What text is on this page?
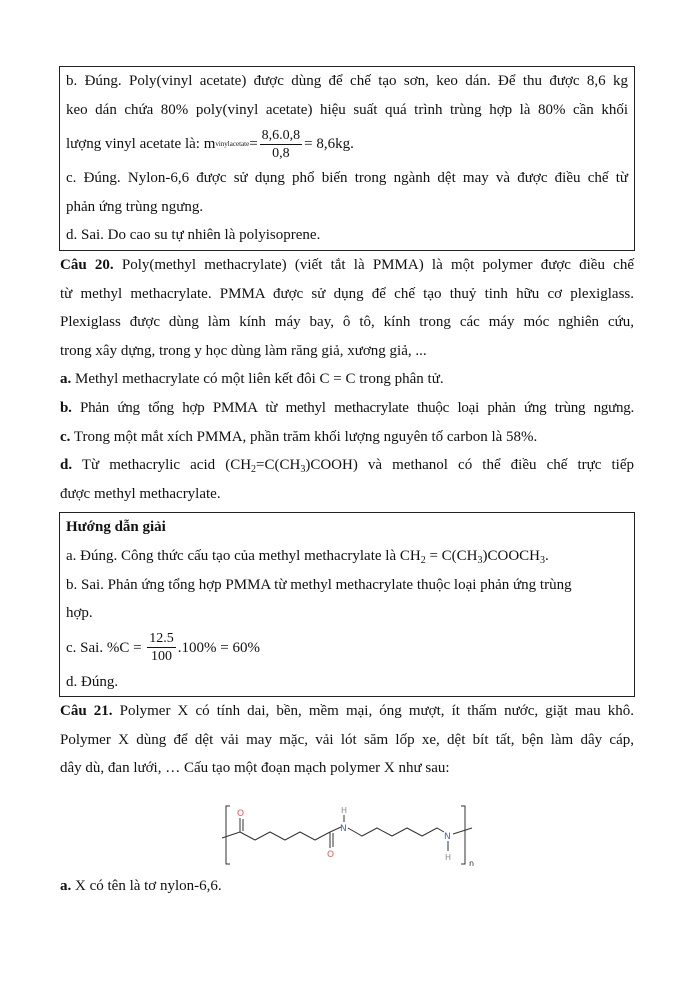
b. Đúng. Poly(vinyl acetate) được dùng để chế tạo sơn, keo dán. Để thu được 8,6 kg
keo dán chứa 80% poly(vinyl acetate) hiệu suất quá trình trùng hợp là 80% cần khối
lượng vinyl acetate là:
m vinylacetate = $\frac{8,6.0,8}{0,8} = 8,6kg$.
c. Đúng. Nylon-6,6 được sử dụng phổ biến trong ngành dệt may và được điều chế từ
phản ứng trùng ngưng.
d. Sai. Do cao su tự nhiên là polyisoprene.
Câu 20. Poly(methyl methacrylate) (viết tắt là PMMA) là một polymer được điều chế
từ methyl methacrylate. PMMA được sử dụng để chế tạo thuỷ tinh hữu cơ plexiglass.
Plexiglass được dùng làm kính máy bay, ô tô, kính trong các máy móc nghiên cứu,
trong xây dựng, trong y học dùng làm răng giả, xương giả, ...
a. Methyl methacrylate có một liên kết đôi C = C trong phân tử.
b. Phản ứng tổng hợp PMMA từ methyl methacrylate thuộc loại phản ứng trùng ngưng.
c. Trong một mắt xích PMMA, phần trăm khối lượng nguyên tố carbon là 58%.
d. Từ methacrylic acid $(CH_2=C(CH_3)COOH)$ và methanol có thể điều chế trực tiếp
được methyl methacrylate.
Hướng dẫn giải
a. Đúng. Công thức cấu tạo của methyl methacrylate là $CH_2$ = $C(CH_3)COOCH_3$.
b. Sai. Phản ứng tổng hợp PMMA từ methyl methacrylate thuộc loại phản ứng trùng
hợp.
c. Sai. %C =
$\frac{12.5}{100} .100\% = 60\%$
d. Đúng.
Câu 21. Polymer X có tính dai, bền, mềm mại, óng mượt, ít thấm nước, giặt mau khô.
Polymer X dùng để dệt vải may mặc, vải lót săm lốp xe, dệt bít tất, bện làm dây cáp,
dây dù, đan lưới, … Cấu tạo một đoạn mạch polymer X như sau:
O
O
N
H
N
H
n
a. X có tên là tơ nylon-6,6.
